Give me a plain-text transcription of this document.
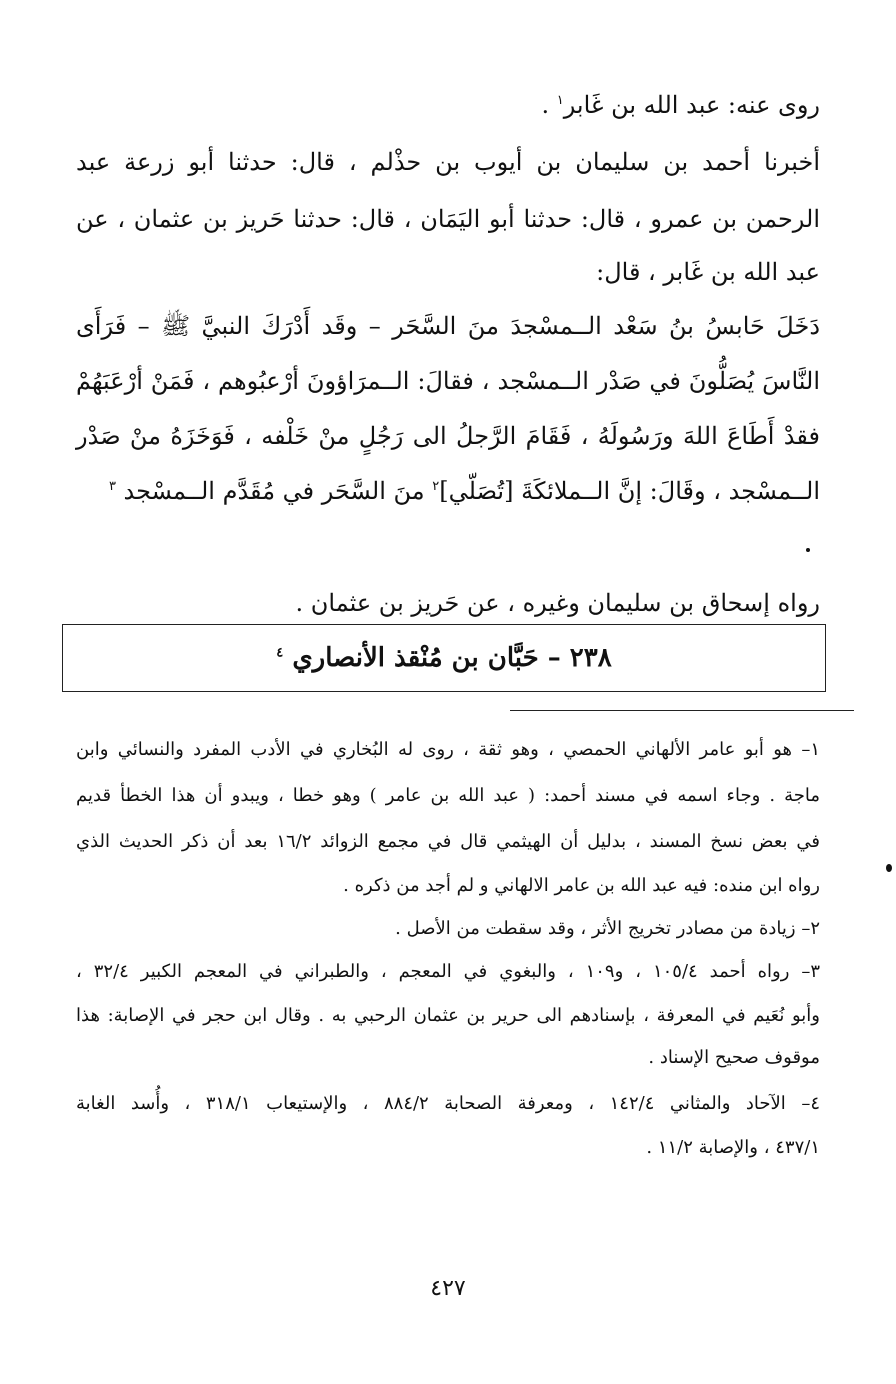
روى عنه: عبد الله بن غَابر$^١$ .
أخبرنا أحمد بن سليمان بن أيوب بن حذْلم ، قال: حدثنا أبو زرعة عبد
الرحمن بن عمرو ، قال: حدثنا أبو اليَمَان ، قال: حدثنا حَريز بن عثمان ، عن
عبد الله بن غَابر ، قال:
دَخَلَ حَابسُ بنُ سَعْد الــمسْجدَ منَ السَّحَر – وقَد أَدْرَكَ النبيَّ ﷺ – فَرَأَى
النَّاسَ يُصَلُّونَ في صَدْر الــمسْجد ، فقالَ: الــمرَاؤونَ أرْعبُوهم ، فَمَنْ أرْعَبَهُمْ
فقدْ أَطَاعَ اللهَ ورَسُولَهُ ، فَقَامَ الرَّجلُ الى رَجُلٍ منْ خَلْفه ، فَوَخَزَهُ منْ صَدْر
الــمسْجد ، وقَالَ: إنَّ الــملائكَةَ [تُصَلّي]$^٢$ منَ السَّحَر في مُقَدَّم الــمسْجد $^٣$
رواه إسحاق بن سليمان وغيره ، عن حَريز بن عثمان .
٢٣٨ – حَبَّان بن مُنْقذ الأنصاري $^٤$
١– هو أبو عامر الألهاني الحمصي ، وهو ثقة ، روى له البُخاري في الأدب المفرد والنسائي وابن
ماجة . وجاء اسمه في مسند أحمد: ( عبد الله بن عامر ) وهو خطا ، ويبدو أن هذا الخطأ قديم
في بعض نسخ المسند ، بدليل أن الهيثمي قال في مجمع الزوائد ١٦/٢ بعد أن ذكر الحديث الذي
رواه ابن منده: فيه عبد الله بن عامر الالهاني و لم أجد من ذكره .
٢– زيادة من مصادر تخريج الأثر ، وقد سقطت من الأصل .
٣– رواه أحمد ١٠٥/٤ ، و١٠٩ ، والبغوي في المعجم ، والطبراني في المعجم الكبير ٣٢/٤ ،
وأبو نُعَيم في المعرفة ، بإسنادهم الى حرير بن عثمان الرحبي به . وقال ابن حجر في الإصابة: هذا
موقوف صحيح الإسناد .
٤– الآحاد والمثاني ١٤٢/٤ ، ومعرفة الصحابة ٨٨٤/٢ ، والإستيعاب ٣١٨/١ ، وأُسد الغابة
٤٣٧/١ ، والإصابة ١١/٢ .
٤٢٧
